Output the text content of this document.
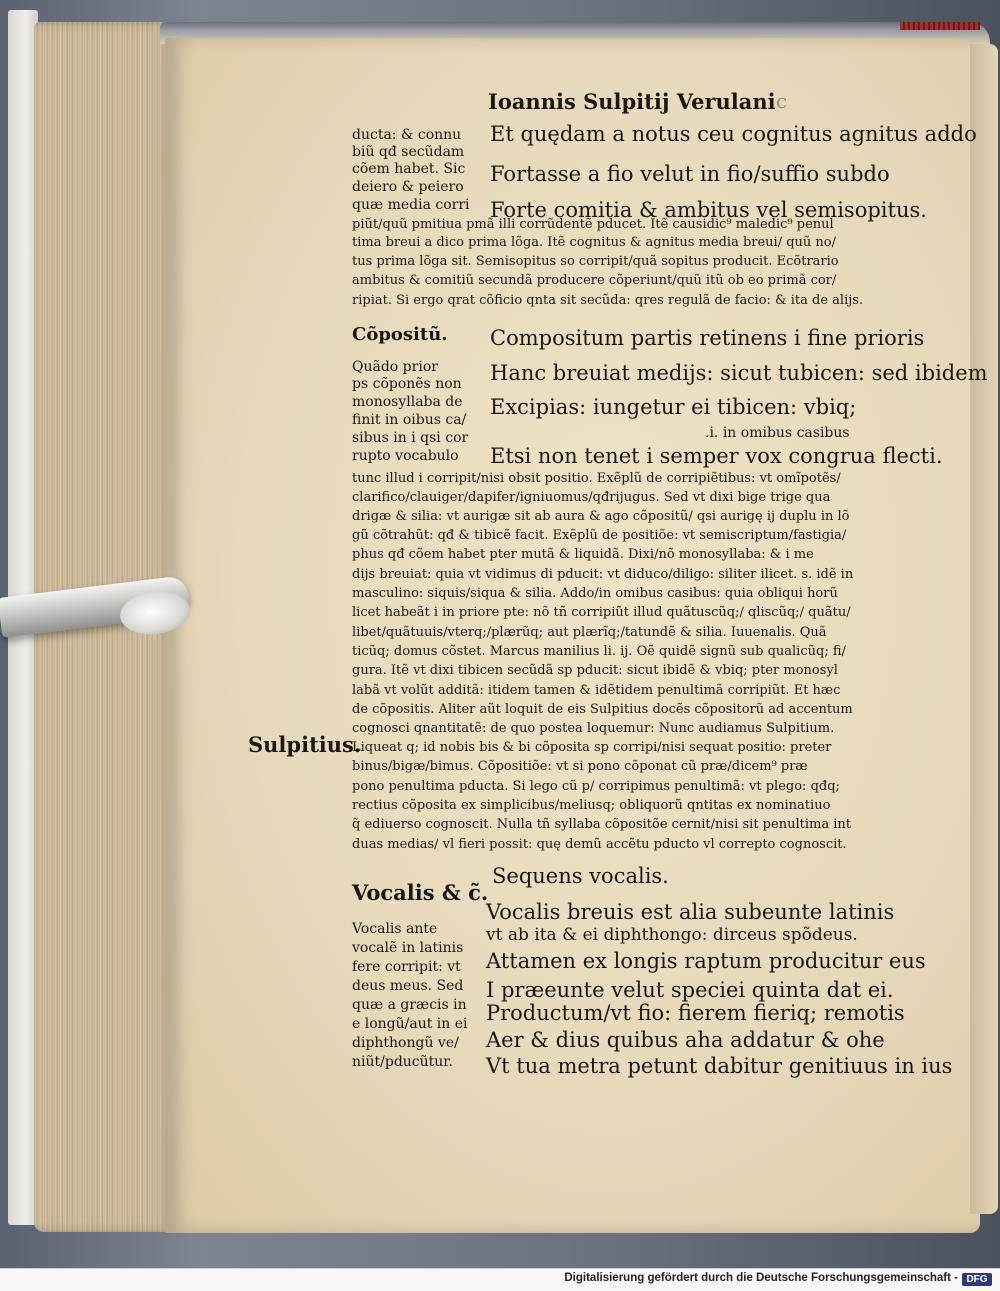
Ioannis Sulpitij Verulani c
Et quędam a notus ceu cognitus agnitus addo
Fortasse a fio velut in fio/suffio subdo
Forte comitia & ambitus vel semisopitus.
ducta: & connu
biũ qđ secũdam
cõem habet. Sic
deiero & peiero
quæ media corri
piũt/quũ pmitiua pmã illi corrũdentẽ pducet. Itẽ causidic⁹ maledic⁹ penul
tima breui a dico prima lõga. Itẽ cognitus & agnitus media breui/ quũ no/
tus prima lõga sit. Semisopitus so corripit/quã sopitus producit. Ecõtrario
ambitus & comitiũ secundã producere cõperiunt/quũ itũ ob eo primã cor/
ripiat. Si ergo qrat cõficio qnta sit secũda: qres regulã de facio: & ita de alijs.
Cõpositũ. Compositum partis retinens i fine prioris
Hanc breuiat medijs: sicut tubicen: sed ibidem
Excipias: iungetur ei tibicen: vbiq;
.i. in omibus casibus
Etsi non tenet i semper vox congrua flecti.
Quãdo prior
ps cõponẽs non
monosyllaba de
finit in oibus ca/
sibus in i qsi cor
rupto vocabulo
tunc illud i corripit/nisi obsit positio. Exẽplũ de corripiẽtibus: vt omĩpotẽs/
clarifico/clauiger/dapifer/igniuomus/qđrijugus. Sed vt dixi bige trige qua
drigæ & silia: vt aurigæ sit ab aura & ago cõpositũ/ qsi aurigę ij duplu in lõ
gũ cõtrahũt: qđ & tibicẽ facit. Exẽplũ de positiõe: vt semiscriptum/fastigia/
phus qđ cõem habet pter mutã & liquidã. Dixi/nõ monosyllaba: & i me
dijs breuiat: quia vt vidimus di pducit: vt diduco/diligo: siliter ilicet. s. idẽ in
masculino: siquis/siqua & silia. Addo/in omibus casibus: quia obliqui horũ
licet habeãt i in priore pte: nõ tñ corripiũt illud quãtuscũq;/ qliscũq;/ quãtu/
libet/quãtuuis/vterq;/plærũq; aut plærĩq;/tatundẽ & silia. Iuuenalis. Quã
ticũq; domus cõstet. Marcus manilius li. ij. Oẽ quidẽ signũ sub qualicũq; fi/
gura. Itẽ vt dixi tibicen secũdã sp pducit: sicut ibidẽ & vbiq; pter monosyl
labã vt volũt additã: itidem tamen & idẽtidem penultimã corripiũt. Et hæc
de cõpositis. Aliter aũt loquit de eis Sulpitius docẽs cõpositorũ ad accentum
cognosci qnantitatẽ: de quo postea loquemur: Nunc audiamus Sulpitium.
Sulpitius.
Liqueat q; id nobis bis & bi cõposita sp corripi/nisi sequat positio: preter
binus/bigæ/bimus. Cõpositiõe: vt si pono cõponat cũ præ/dicem⁹ præ
pono penultima pducta. Si lego cũ p/ corripimus penultimã: vt plego: qđq;
rectius cõposita ex simplicibus/meliusq; obliquorũ qntitas ex nominatiuo
q̃ ediuerso cognoscit. Nulla tñ syllaba cõpositõe cernit/nisi sit penultima int
duas medias/ vl fieri possit: quę demũ accẽtu pducto vl correpto cognoscit.
Sequens vocalis.
Vocalis & c̃.
Vocalis breuis est alia subeunte latinis
vt ab ita & ei diphthongo: dirceus spõdeus.
Attamen ex longis raptum producitur eus
I præeunte velut speciei quinta dat ei.
Productum/vt fio: fierem fieriq; remotis
Aer & dius quibus aha addatur & ohe
Vt tua metra petunt dabitur genitiuus in ius
Vocalis ante
vocalẽ in latinis
fere corripit: vt
deus meus. Sed
quæ a græcis in
e longũ/aut in ei
diphthongũ ve/
niũt/pducũtur.
Digitalisierung gefördert durch die Deutsche Forschungsgemeinschaft - DFG
